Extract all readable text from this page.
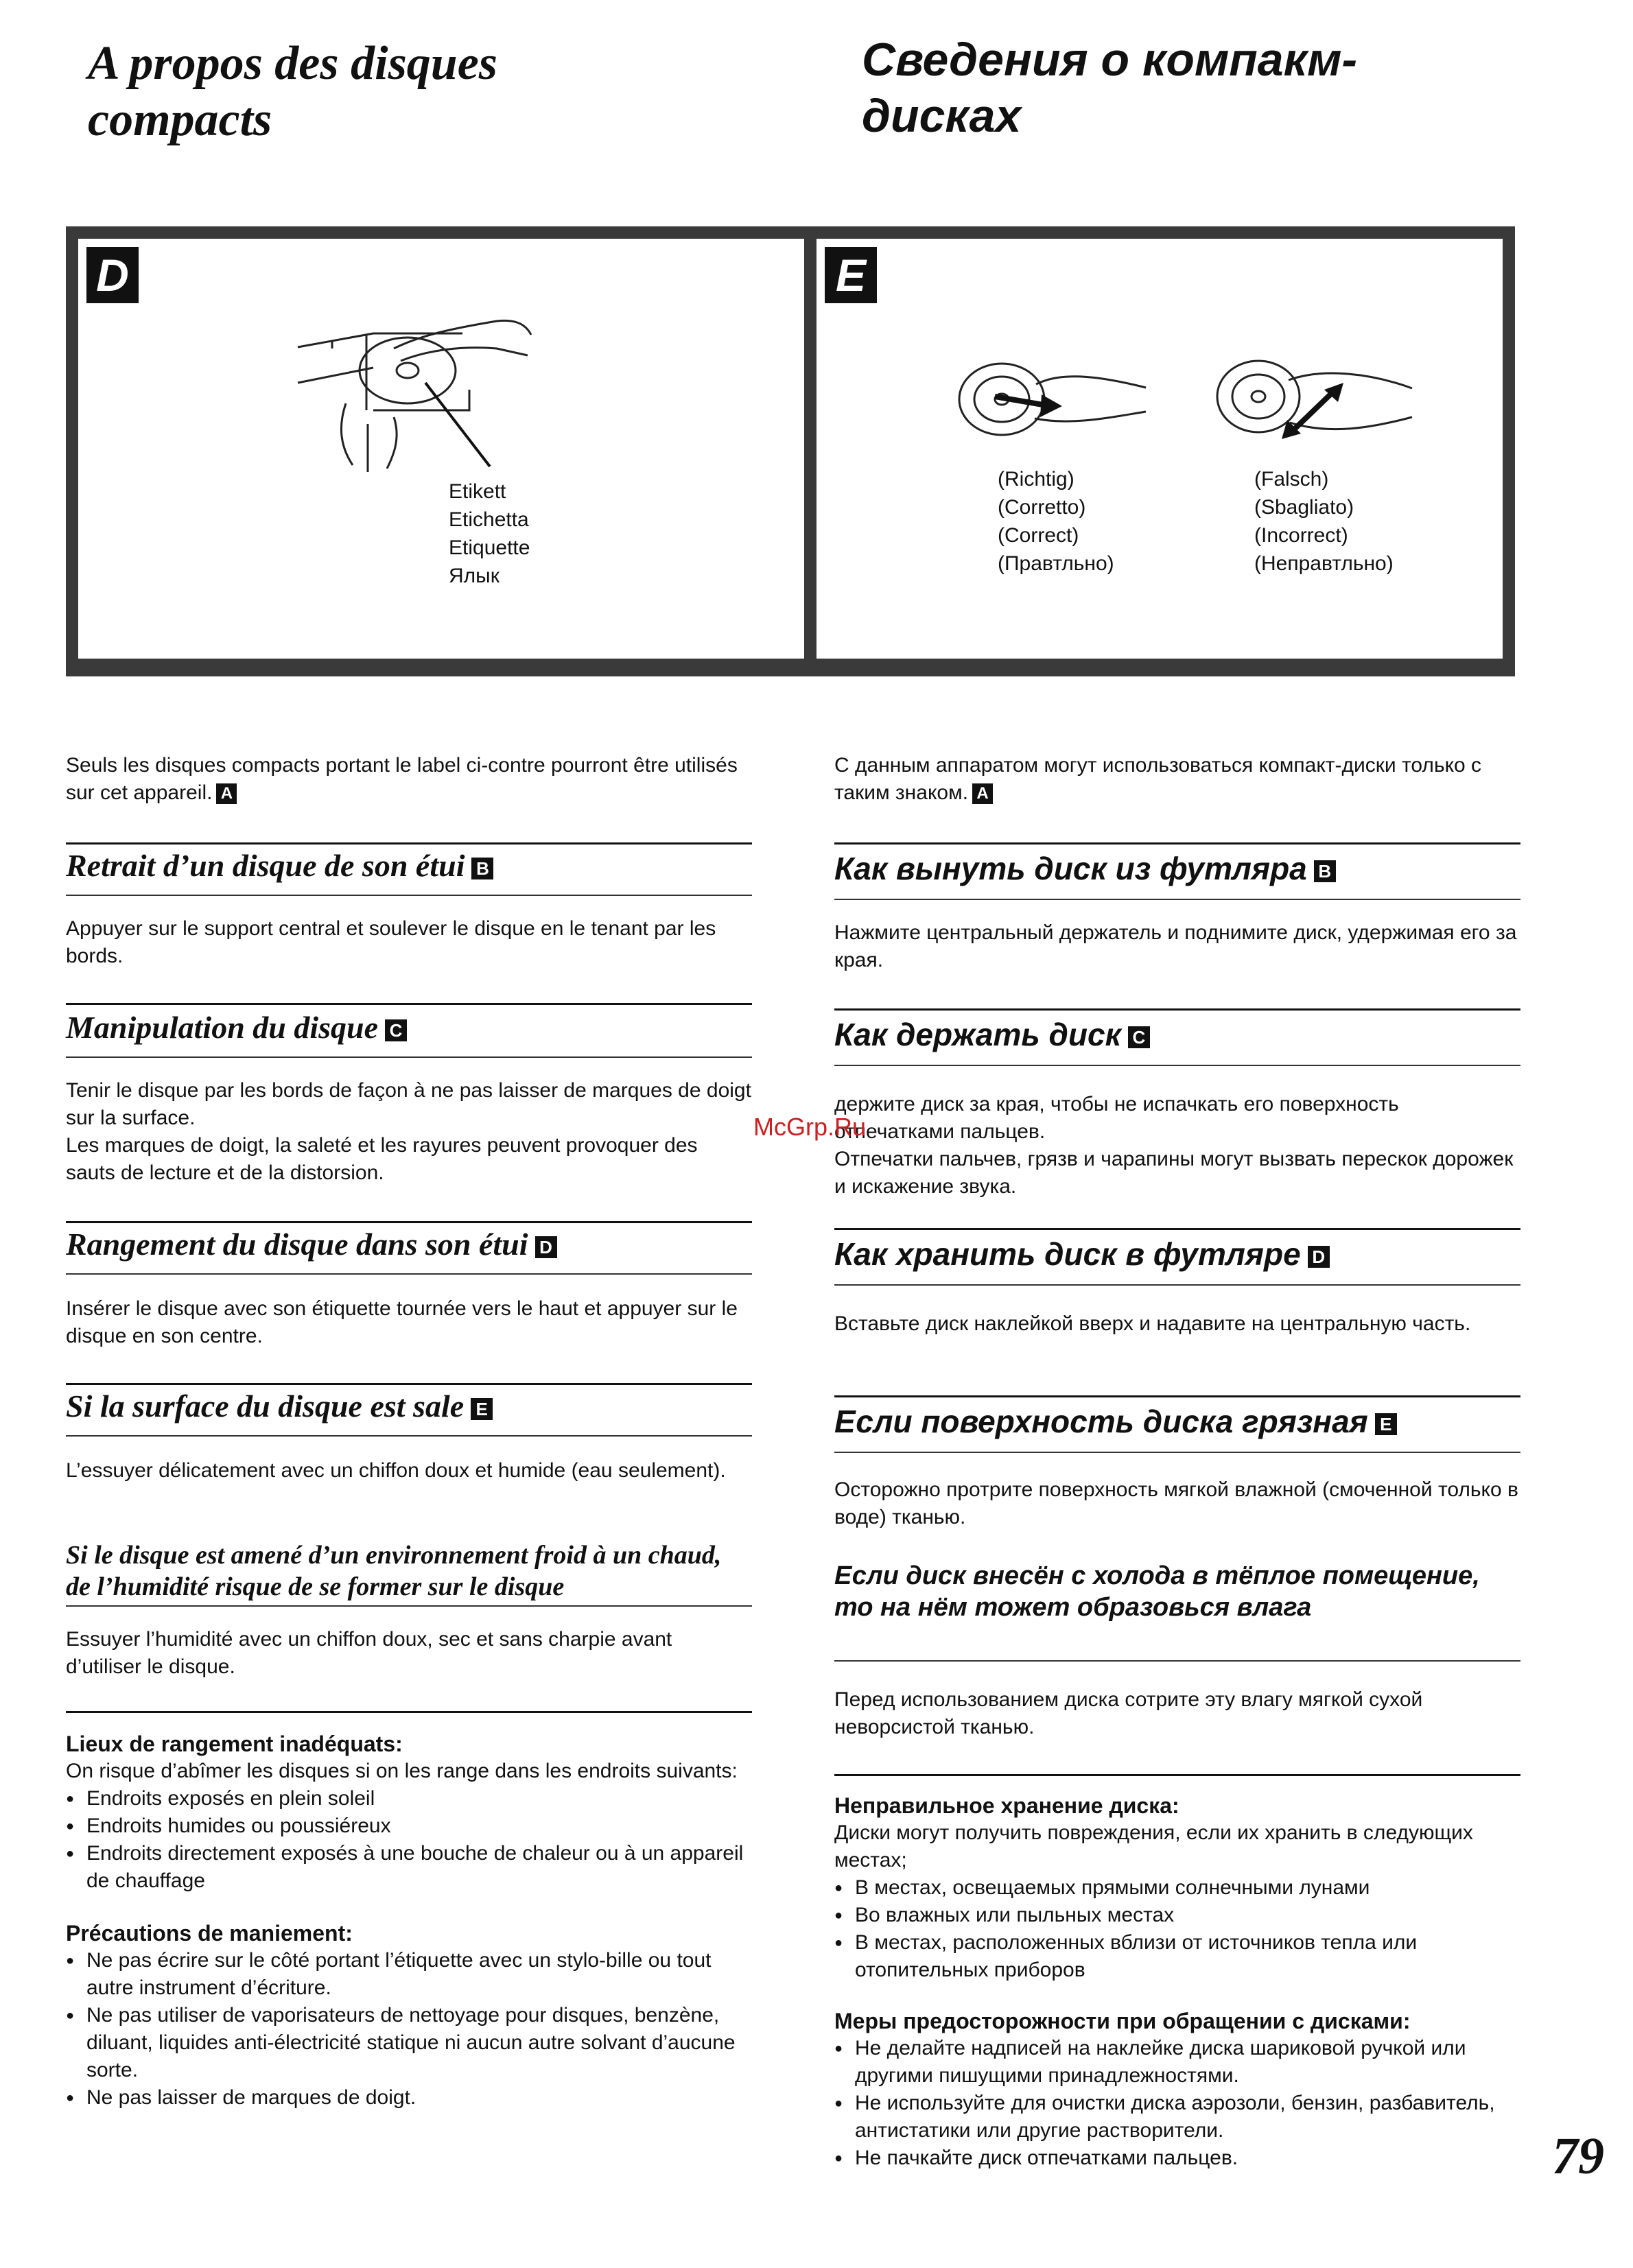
A propos des disques
compacts
Сведения о компакм-
дисках
D
Etikett
Etichetta
Etiquette
Ялык
E
(Richtig)
(Corretto)
(Correct)
(Правтльно)
(Falsch)
(Sbagliato)
(Incorrect)
(Неправтльно)

Seuls les disques compacts portant le label ci-contre pourront être utilisés sur cet appareil. A

Retrait d’un disque de son étui B

Appuyer sur le support central et soulever le disque en le tenant par les bords.

Manipulation du disque C

Tenir le disque par les bords de façon à ne pas laisser de marques de doigt sur la surface.

Les marques de doigt, la saleté et les rayures peuvent provoquer des sauts de lecture et de la distorsion.

Rangement du disque dans son étui D

Insérer le disque avec son étiquette tournée vers le haut et appuyer sur le disque en son centre.

Si la surface du disque est sale E

L’essuyer délicatement avec un chiffon doux et humide (eau seulement).

Si le disque est amené d’un environnement froid à un chaud, de l’humidité risque de se former sur le disque

Essuyer l’humidité avec un chiffon doux, sec et sans charpie avant d’utiliser le disque.

Lieux de rangement inadéquats:

On risque d’abîmer les disques si on les range dans les endroits suivants:

● Endroits exposés en plein soleil
● Endroits humides ou poussiéreux
● Endroits directement exposés à une bouche de chaleur ou à un appareil de chauffage
Précautions de maniement:
● Ne pas écrire sur le côté portant l’étiquette avec un stylo-bille ou tout autre instrument d’écriture.
● Ne pas utiliser de vaporisateurs de nettoyage pour disques, benzène, diluant, liquides anti-électricité statique ni aucun autre solvant d’aucune sorte.
● Ne pas laisser de marques de doigt.

С данным аппаратом могут использоваться компакт-диски только с таким знаком. A

Как вынуть диск из футляра B

Нажмите центральный держатель и поднимите диск, удержимая его за края.

Как держать диск C

держите диск за края, чтобы не испачкать его поверхность отпечатками пальцев.

Отпечатки пальчев, грязв и чарапины могут вызвать перескок дорожек и искажение звука.

Как хранить диск в футляре D

Вставьте диск наклейкой вверх и надавите на центральную часть.

Если поверхность диска грязная E

Осторожно протрите поверхность мягкой влажной (смоченной только в воде) тканью.

Если диск внесён с холода в тёплое помещение, то на нём тожет образовься влага

Перед использованием диска сотрите эту влагу мягкой сухой неворсистой тканью.

Неправильное хранение диска:

Диски могут получить повреждения, если их хранить в следующих местах;

● В местах, освещаемых прямыми солнечными лунами
● Во влажных или пыльных местах
● В местах, расположенных вблизи от источников тепла или отопительных приборов
Меры предосторожности при обращении с дисками:
● Не делайте надписей на наклейке диска шариковой ручкой или другими пишущими принадлежностями.
● Не используйте для очистки диска аэрозоли, бензин, разбавитель, антистатики или другие растворители.
● Не пачкайте диск отпечатками пальцев.
McGrp.Ru
79
